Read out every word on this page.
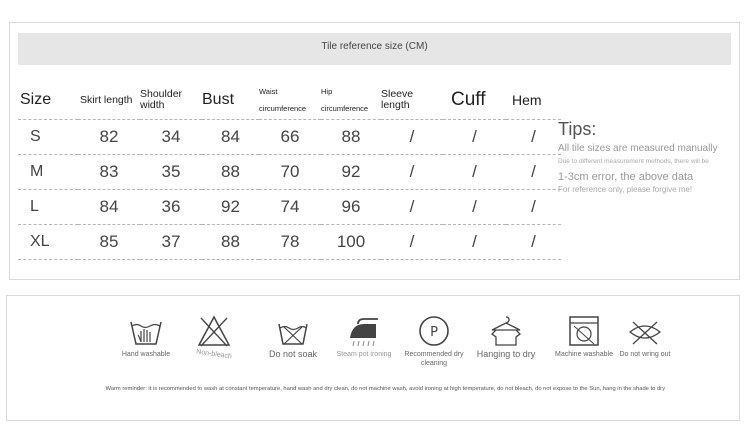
Tile reference size (CM)
Size	Skirt length	Shoulder width	Bust	Waist circumference	Hip circumference	Sleeve length	Cuff	Hem
S	82	34	84	66	88	/	/	/
M	83	35	88	70	92	/	/	/
L	84	36	92	74	96	/	/	/
XL	85	37	88	78	100	/	/	/
Tips:
All tile sizes are measured manually
Due to different measurement methods, there will be
1-3cm error, the above data
For reference only, please forgive me!
Hand washable	Non-bleach	Do not soak	Steam pot ironing
P
Recommended dry cleaning
Hanging to dry	Machine washable Do not wring out
Warm reminder: it is recommended to wash at constant temperature, hand wash and dry clean, do not machine wash, avoid ironing at high temperature, do not bleach, do not expose to the Sun, hang in the shade to dry
